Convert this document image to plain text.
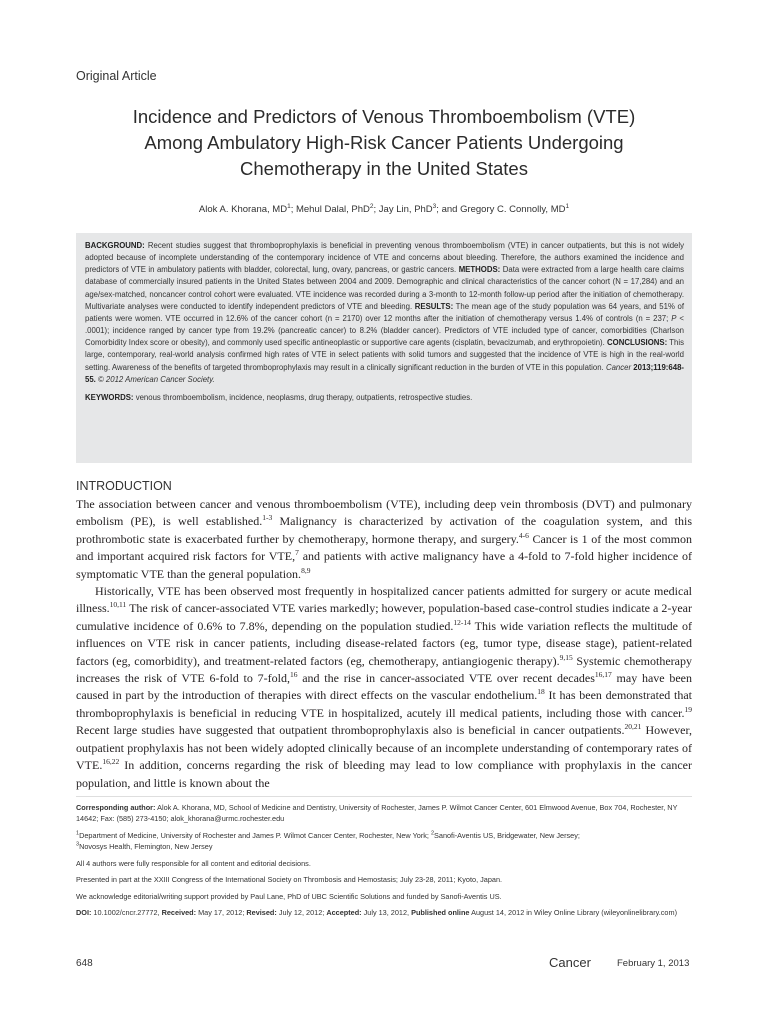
Original Article
Incidence and Predictors of Venous Thromboembolism (VTE)
Among Ambulatory High-Risk Cancer Patients Undergoing
Chemotherapy in the United States
Alok A. Khorana, $MD^1$; Mehul Dalal, PhD$^2$; Jay Lin, PhD$^3$; and Gregory C. Connolly, $MD^1$

BACKGROUND: Recent studies suggest that thromboprophylaxis is beneficial in preventing venous thromboembolism (VTE) in cancer outpatients, but this is not widely adopted because of incomplete understanding of the contemporary incidence of VTE and concerns about bleeding. Therefore, the authors examined the incidence and predictors of VTE in ambulatory patients with bladder, colorectal, lung, ovary, pancreas, or gastric cancers. METHODS: Data were extracted from a large health care claims database of commercially insured patients in the United States between 2004 and 2009. Demographic and clinical characteristics of the cancer cohort (N = 17,284) and an age/sex-matched, noncancer control cohort were evaluated. VTE incidence was recorded during a 3-month to 12-month follow-up period after the initiation of chemotherapy. Multivariate analyses were conducted to identify independent predictors of VTE and bleeding. RESULTS: The mean age of the study population was 64 years, and 51% of patients were women. VTE occurred in 12.6% of the cancer cohort (n = 2170) over 12 months after the initiation of chemotherapy versus 1.4% of controls (n = 237; P < .0001); incidence ranged by cancer type from 19.2% (pancreatic cancer) to 8.2% (bladder cancer). Predictors of VTE included type of cancer, comorbidities (Charlson Comorbidity Index score or obesity), and commonly used specific antineoplastic or supportive care agents (cisplatin, bevacizumab, and erythropoietin). CONCLUSIONS: This large, contemporary, real-world analysis confirmed high rates of VTE in select patients with solid tumors and suggested that the incidence of VTE is high in the real-world setting. Awareness of the benefits of targeted thromboprophylaxis may result in a clinically significant reduction in the burden of VTE in this population. Cancer 2013;119:648-55. © 2012 American Cancer Society.

KEYWORDS: venous thromboembolism, incidence, neoplasms, drug therapy, outpatients, retrospective studies.

INTRODUCTION

The association between cancer and venous thromboembolism (VTE), including deep vein thrombosis (DVT) and pulmonary embolism (PE), is well established.$^{1-3}$ Malignancy is characterized by activation of the coagulation system, and this prothrombotic state is exacerbated further by chemotherapy, hormone therapy, and surgery.$^{4-6}$ Cancer is 1 of the most common and important acquired risk factors for VTE,$^7$ and patients with active malignancy have a 4-fold to 7-fold higher incidence of symptomatic VTE than the general population.$^{8,9}$

Historically, VTE has been observed most frequently in hospitalized cancer patients admitted for surgery or acute medical illness.$^{10,11}$ The risk of cancer-associated VTE varies markedly; however, population-based case-control studies indicate a 2-year cumulative incidence of 0.6% to 7.8%, depending on the population studied.$^{12-14}$ This wide variation reflects the multitude of influences on VTE risk in cancer patients, including disease-related factors (eg, tumor type, disease stage), patient-related factors (eg, comorbidity), and treatment-related factors (eg, chemotherapy, antiangiogenic therapy).$^{9,15}$ Systemic chemotherapy increases the risk of VTE 6-fold to 7-fold,$^{16}$ and the rise in cancer-associated VTE over recent decades$^{16,17}$ may have been caused in part by the introduction of therapies with direct effects on the vascular endothelium.$^{18}$ It has been demonstrated that thromboprophylaxis is beneficial in reducing VTE in hospitalized, acutely ill medical patients, including those with cancer.$^{19}$ Recent large studies have suggested that outpatient thromboprophylaxis also is beneficial in cancer outpatients.$^{20,21}$ However, outpatient prophylaxis has not been widely adopted clinically because of an incomplete understanding of contemporary rates of VTE.$^{16,22}$ In addition, concerns regarding the risk of bleeding may lead to low compliance with prophylaxis in the cancer population, and little is known about the

Corresponding author: Alok A. Khorana, MD, School of Medicine and Dentistry, University of Rochester, James P. Wilmot Cancer Center, 601 Elmwood Avenue, Box 704, Rochester, NY 14642; Fax: (585) 273-4150; alok_khorana@urmc.rochester.edu

$^1$Department of Medicine, University of Rochester and James P. Wilmot Cancer Center, Rochester, New York; $^2$Sanofi-Aventis US, Bridgewater, New Jersey;
$^3$Novosys Health, Flemington, New Jersey

All 4 authors were fully responsible for all content and editorial decisions.

Presented in part at the XXIII Congress of the International Society on Thrombosis and Hemostasis; July 23-28, 2011; Kyoto, Japan.

We acknowledge editorial/writing support provided by Paul Lane, PhD of UBC Scientific Solutions and funded by Sanofi-Aventis US.

DOI: 10.1002/cncr.27772, Received: May 17, 2012; Revised: July 12, 2012; Accepted: July 13, 2012, Published online August 14, 2012 in Wiley Online Library (wileyonlinelibrary.com)

648	Cancer	February 1, 2013
